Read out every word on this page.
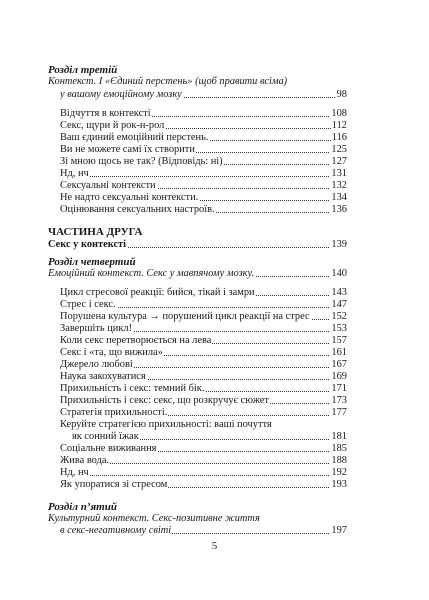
Розділ третій
Контекст. І «Єдиний перстень» (щоб правити всіма)
у вашому емоційному мозку	98
Відчуття в контексті	108
Секс, щури й рок-н-рол	112
Ваш єдиний емоційний перстень.	116
Ви не можете самі їх створити	125
Зі мною щось не так? (Відповідь: ні)	127
Нд, нч	131
Сексуальні контексти	132
Не надто сексуальні контексти.	134
Оцінювання сексуальних настроїв.	136
ЧАСТИНА ДРУГА
Секс у контексті	139
Розділ четвертий
Емоційний контекст. Секс у мавпячому мозку.	140
Цикл стресової реакції: бийся, тікай і замри	143
Стрес і секс.	147
Порушена культура → порушений цикл реакції на стрес 152
Завершіть цикл!	153
Коли секс перетворюється на лева	157
Секс і «та, що вижила»	161
Джерело любові	167
Наука закохуватися	169
Прихильність і секс: темний бік.	171
Прихильність і секс: секс, що розкручує сюжет	173
Стратегія прихильності.	177
Керуйте стратегією прихильності: ваші почуття
як сонний їжак	181
Соціальне виживання	185
Жива вода.	188
Нд, нч	192
Як упоратися зі стресом	193
Розділ п’ятий
Культурний контекст. Секс-позитивне життя
в секс-негативному світі	197
5
